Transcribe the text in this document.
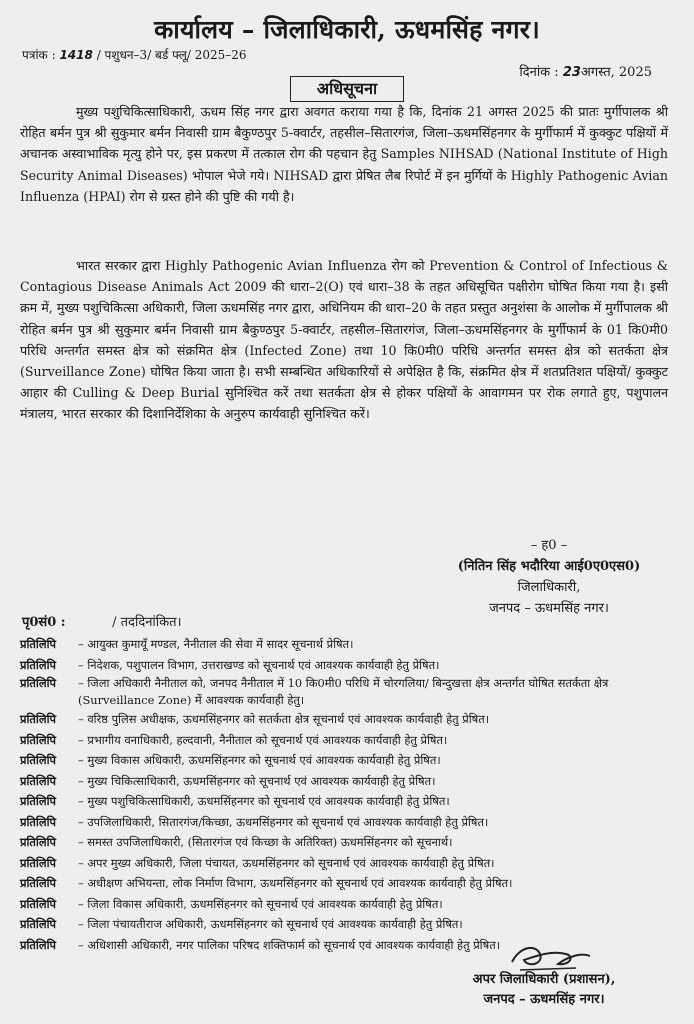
कार्यालय – जिलाधिकारी, ऊधमसिंह नगर।
पत्रांक : 1418 / पशुधन–3/ बर्ड फ्लू/ 2025–26
दिनांक : 23अगस्त, 2025
अधिसूचना
मुख्य पशुचिकित्साधिकारी, ऊधम सिंह नगर द्वारा अवगत कराया गया है कि, दिनांक 21 अगस्त 2025 की प्रातः मुर्गीपालक श्री रोहित बर्मन पुत्र श्री सुकुमार बर्मन निवासी ग्राम बैकुण्ठपुर 5-क्वार्टर, तहसील–सितारगंज, जिला–ऊधमसिंहनगर के मुर्गीफार्म में कुक्कुट पक्षियों में अचानक अस्वाभाविक मृत्यु होने पर, इस प्रकरण में तत्काल रोग की पहचान हेतु Samples NIHSAD (National Institute of High Security Animal Diseases) भोपाल भेजे गये। NIHSAD द्वारा प्रेषित लैब रिपोर्ट में इन मुर्गियों के Highly Pathogenic Avian Influenza (HPAI) रोग से ग्रस्त होने की पुष्टि की गयी है।
भारत सरकार द्वारा Highly Pathogenic Avian Influenza रोग को Prevention & Control of Infectious & Contagious Disease Animals Act 2009 की धारा–2(O) एवं धारा–38 के तहत अधिसूचित पक्षीरोग घोषित किया गया है। इसी क्रम में, मुख्य पशुचिकित्सा अधिकारी, जिला ऊधमसिंह नगर द्वारा, अधिनियम की धारा–20 के तहत प्रस्तुत अनुशंसा के आलोक में मुर्गीपालक श्री रोहित बर्मन पुत्र श्री सुकुमार बर्मन निवासी ग्राम बैकुण्ठपुर 5-क्वार्टर, तहसील–सितारगंज, जिला–ऊधमसिंहनगर के मुर्गीफार्म के 01 कि0मी0 परिधि अन्तर्गत समस्त क्षेत्र को संक्रमित क्षेत्र (Infected Zone) तथा 10 कि0मी0 परिधि अन्तर्गत समस्त क्षेत्र को सतर्कता क्षेत्र (Surveillance Zone) घोषित किया जाता है। सभी सम्बन्धित अधिकारियों से अपेक्षित है कि, संक्रमित क्षेत्र में शतप्रतिशत पक्षियों/ कुक्कुट आहार की Culling & Deep Burial सुनिश्चित करें तथा सतर्कता क्षेत्र से होकर पक्षियों के आवागमन पर रोक लगाते हुए, पशुपालन मंत्रालय, भारत सरकार की दिशानिर्देशिका के अनुरुप कार्यवाही सुनिश्चित करें।
– ह0 –
(नितिन सिंह भदौरिया आई0ए0एस0)
जिलाधिकारी,
जनपद – ऊधमसिंह नगर।
पृ0सं0 :	/ तददिनांकित।
प्रतिलिपि	– आयुक्त कुमायूँ मण्डल, नैनीताल की सेवा में सादर सूचनार्थ प्रेषित।
प्रतिलिपि	– निदेशक, पशुपालन विभाग, उत्तराखण्ड को सूचनार्थ एवं आवश्यक कार्यवाही हेतु प्रेषित।
प्रतिलिपि	– जिला अधिकारी नैनीताल को, जनपद नैनीताल में 10 कि0मी0 परिधि में चोरगलिया/ बिन्दुखत्ता क्षेत्र अन्तर्गत घोषित सतर्कता क्षेत्र (Surveillance Zone) में आवश्यक कार्यवाही हेतु।
प्रतिलिपि	– वरिष्ठ पुलिस अधीक्षक, ऊधमसिंहनगर को सतर्कता क्षेत्र सूचनार्थ एवं आवश्यक कार्यवाही हेतु प्रेषित।
प्रतिलिपि	– प्रभागीय वनाधिकारी, हल्दवानी, नैनीताल को सूचनार्थ एवं आवश्यक कार्यवाही हेतु प्रेषित।
प्रतिलिपि	– मुख्य विकास अधिकारी, ऊधमसिंहनगर को सूचनार्थ एवं आवश्यक कार्यवाही हेतु प्रेषित।
प्रतिलिपि	– मुख्य चिकित्साधिकारी, ऊधमसिंहनगर को सूचनार्थ एवं आवश्यक कार्यवाही हेतु प्रेषित।
प्रतिलिपि	– मुख्य पशुचिकित्साधिकारी, ऊधमसिंहनगर को सूचनार्थ एवं आवश्यक कार्यवाही हेतु प्रेषित।
प्रतिलिपि	– उपजिलाधिकारी, सितारगंज/किच्छा, ऊधमसिंहनगर को सूचनार्थ एवं आवश्यक कार्यवाही हेतु प्रेषित।
प्रतिलिपि	– समस्त उपजिलाधिकारी, (सितारगंज एवं किच्छा के अतिरिक्त) ऊधमसिंहनगर को सूचनार्थ।
प्रतिलिपि	– अपर मुख्य अधिकारी, जिला पंचायत, ऊधमसिंहनगर को सूचनार्थ एवं आवश्यक कार्यवाही हेतु प्रेषित।
प्रतिलिपि	– अधीक्षण अभियन्ता, लोक निर्माण विभाग, ऊधमसिंहनगर को सूचनार्थ एवं आवश्यक कार्यवाही हेतु प्रेषित।
प्रतिलिपि	– जिला विकास अधिकारी, ऊधमसिंहनगर को सूचनार्थ एवं आवश्यक कार्यवाही हेतु प्रेषित।
प्रतिलिपि	– जिला पंचायतीराज अधिकारी, ऊधमसिंहनगर को सूचनार्थ एवं आवश्यक कार्यवाही हेतु प्रेषित।
प्रतिलिपि	– अधिशासी अधिकारी, नगर पालिका परिषद शक्तिफार्म को सूचनार्थ एवं आवश्यक कार्यवाही हेतु प्रेषित।
अपर जिलाधिकारी (प्रशासन),
जनपद – ऊधमसिंह नगर।
